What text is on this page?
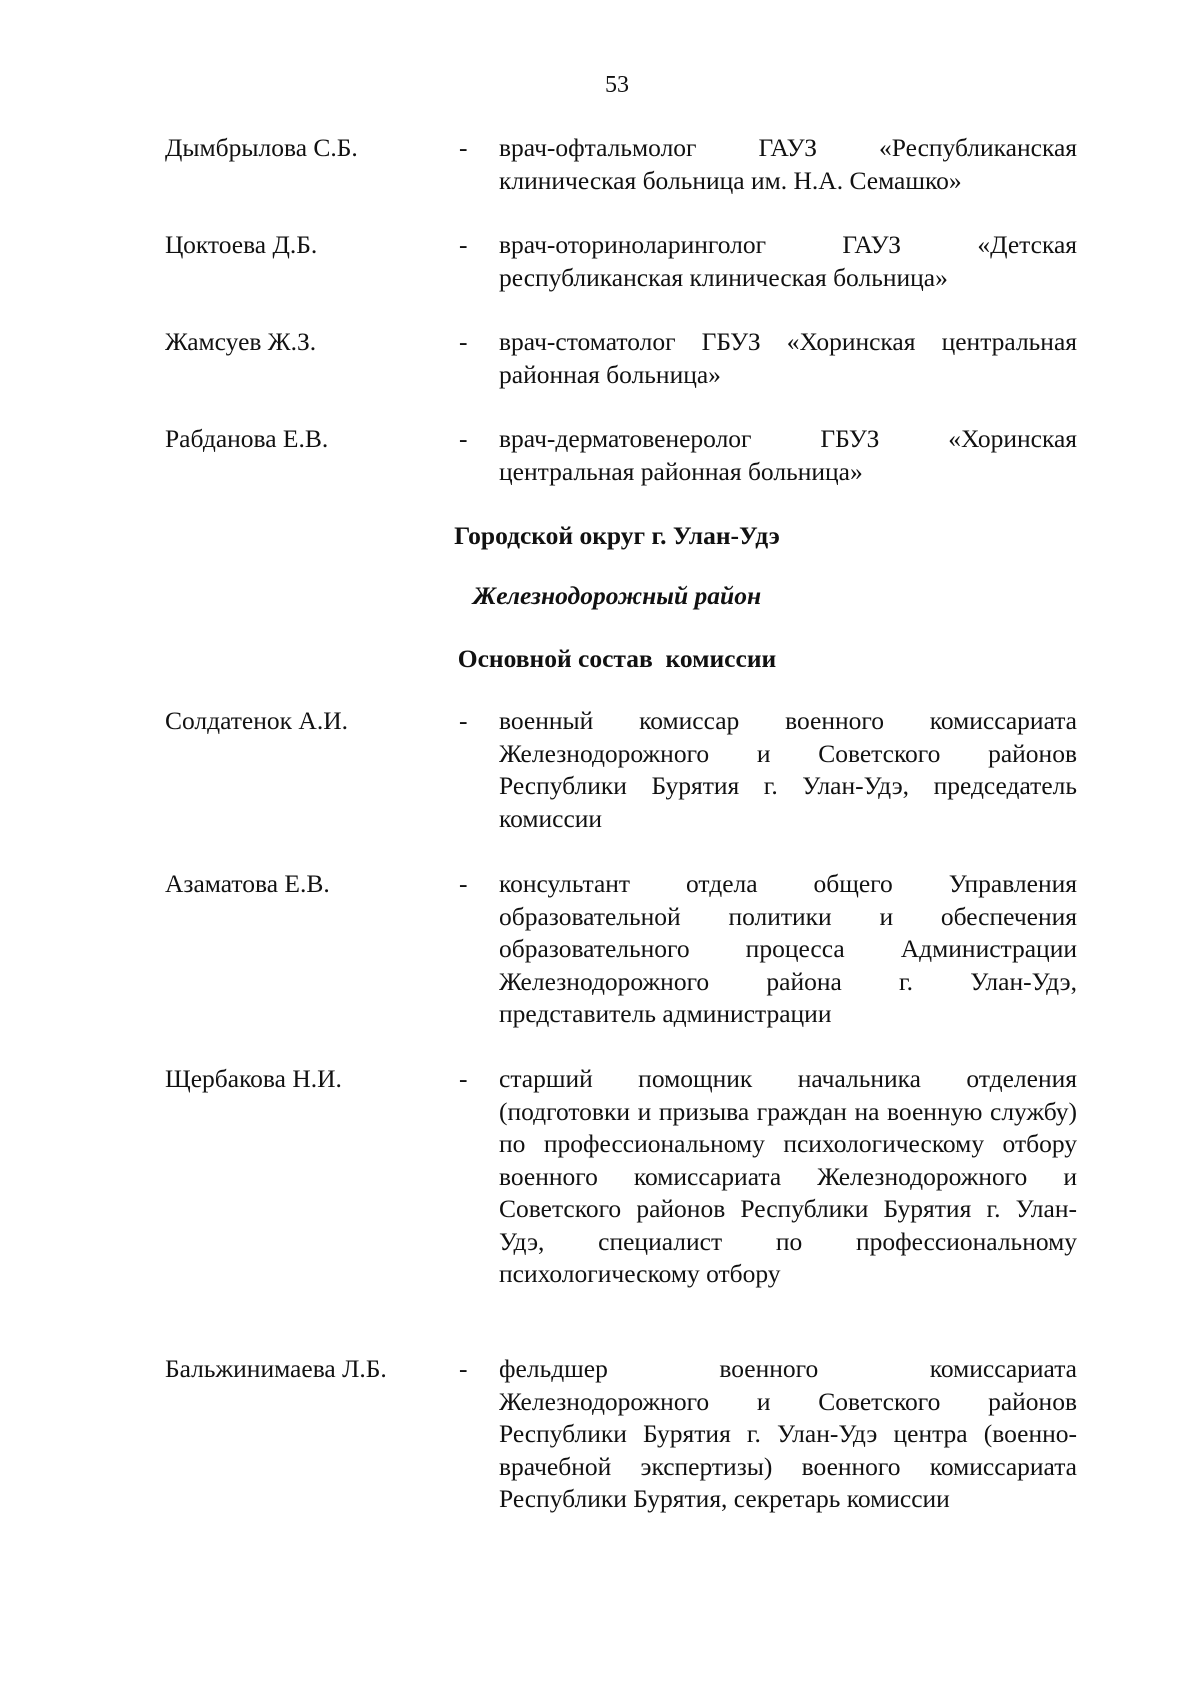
53
Дымбрылова С.Б.	- врач-офтальмолог ГАУЗ «Республиканская клиническая больница им. Н.А. Семашко»

Цоктоева Д.Б.	- врач-оториноларинголог ГАУЗ «Детская республиканская клиническая больница»

Жамсуев Ж.З.	- врач-стоматолог ГБУЗ «Хоринская центральная районная больница»

Рабданова Е.В.	- врач-дерматовенеролог ГБУЗ «Хоринская центральная районная больница»

Городской округ г. Улан-Удэ
Железнодорожный район
Основной состав  комиссии
Солдатенок А.И.	- военный комиссар военного комиссариата Железнодорожного и Советского районов Республики Бурятия г. Улан-Удэ, председатель комиссии

Азаматова Е.В.	- консультант отдела общего Управления образовательной политики и обеспечения образовательного процесса Администрации Железнодорожного района г. Улан-Удэ, представитель администрации

Щербакова Н.И.	- старший помощник начальника отделения (подготовки и призыва граждан на военную службу) по профессиональному психологическому отбору военного комиссариата Железнодорожного и Советского районов Республики Бурятия г. Улан-Удэ, специалист по профессиональному психологическому отбору

Бальжинимаева Л.Б.	- фельдшер военного комиссариата Железнодорожного и Советского районов Республики Бурятия г. Улан-Удэ центра (военно-врачебной экспертизы) военного комиссариата Республики Бурятия, секретарь комиссии
